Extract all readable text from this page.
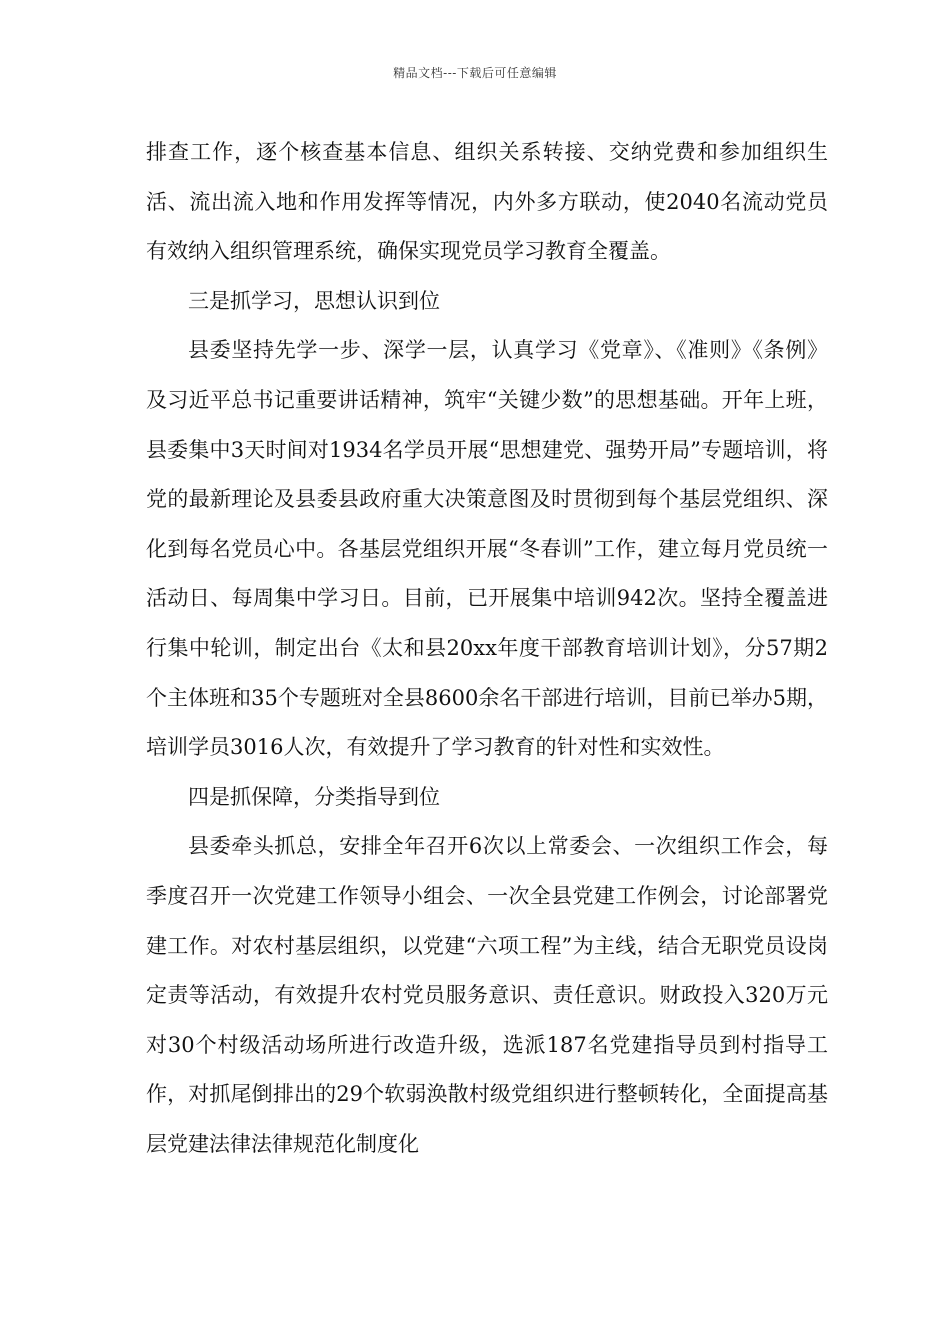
精品文档---下载后可任意编辑

排查工作，逐个核查基本信息、组织关系转接、交纳党费和参加组织生活、流出流入地和作用发挥等情况，内外多方联动，使2040名流动党员有效纳入组织管理系统，确保实现党员学习教育全覆盖。

三是抓学习，思想认识到位

县委坚持先学一步、深学一层，认真学习《党章》、《准则》《条例》及习近平总书记重要讲话精神，筑牢“关键少数”的思想基础。开年上班，县委集中3天时间对1934名学员开展“思想建党、强势开局”专题培训，将党的最新理论及县委县政府重大决策意图及时贯彻到每个基层党组织、深化到每名党员心中。各基层党组织开展“冬春训”工作，建立每月党员统一活动日、每周集中学习日。目前，已开展集中培训942次。坚持全覆盖进行集中轮训，制定出台《太和县20xx年度干部教育培训计划》，分57期2个主体班和35个专题班对全县8600余名干部进行培训，目前已举办5期，培训学员3016人次，有效提升了学习教育的针对性和实效性。

四是抓保障，分类指导到位

县委牵头抓总，安排全年召开6次以上常委会、一次组织工作会，每季度召开一次党建工作领导小组会、一次全县党建工作例会，讨论部署党建工作。对农村基层组织，以党建“六项工程”为主线，结合无职党员设岗定责等活动，有效提升农村党员服务意识、责任意识。财政投入320万元对30个村级活动场所进行改造升级，选派187名党建指导员到村指导工作，对抓尾倒排出的29个软弱涣散村级党组织进行整顿转化，全面提高基层党建法律法律规范化制度化
